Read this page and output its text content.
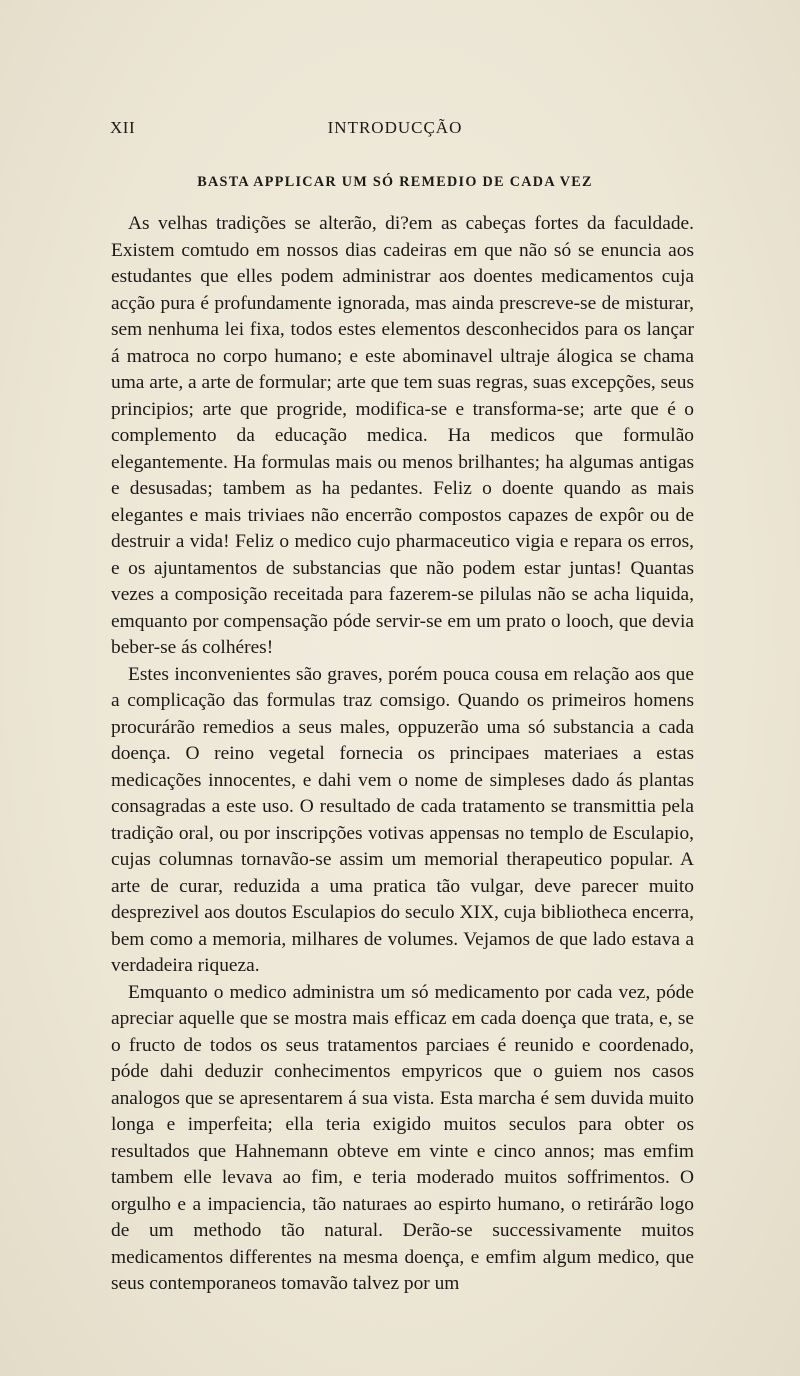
XII	INTRODUCÇÃO
BASTA APPLICAR UM SÓ REMEDIO DE CADA VEZ

As velhas tradições se alterão, di?em as cabeças fortes da faculdade. Existem comtudo em nossos dias cadeiras em que não só se enuncia aos estudantes que elles podem administrar aos doentes medicamentos cuja acção pura é profundamente ignorada, mas ainda prescreve-se de misturar, sem nenhuma lei fixa, todos estes elementos desconhecidos para os lançar á matroca no corpo humano; e este abominavel ultraje álogica se chama uma arte, a arte de formular; arte que tem suas regras, suas excepções, seus principios; arte que progride, modifica-se e transforma-se; arte que é o complemento da educação medica. Ha medicos que formulão elegantemente. Ha formulas mais ou menos brilhantes; ha algumas antigas e desusadas; tambem as ha pedantes. Feliz o doente quando as mais elegantes e mais triviaes não encerrão compostos capazes de expôr ou de destruir a vida! Feliz o medico cujo pharmaceutico vigia e repara os erros, e os ajuntamentos de substancias que não podem estar juntas! Quantas vezes a composição receitada para fazerem-se pilulas não se acha liquida, emquanto por compensação póde servir-se em um prato o looch, que devia beber-se ás colhéres!

Estes inconvenientes são graves, porém pouca cousa em relação aos que a complicação das formulas traz comsigo. Quando os primeiros homens procurárão remedios a seus males, oppuzerão uma só substancia a cada doença. O reino vegetal fornecia os principaes materiaes a estas medicações innocentes, e dahi vem o nome de simpleses dado ás plantas consagradas a este uso. O resultado de cada tratamento se transmittia pela tradição oral, ou por inscripções votivas appensas no templo de Esculapio, cujas columnas tornavão-se assim um memorial therapeutico popular. A arte de curar, reduzida a uma pratica tão vulgar, deve parecer muito desprezivel aos doutos Esculapios do seculo XIX, cuja bibliotheca encerra, bem como a memoria, milhares de volumes. Vejamos de que lado estava a verdadeira riqueza.

Emquanto o medico administra um só medicamento por cada vez, póde apreciar aquelle que se mostra mais efficaz em cada doença que trata, e, se o fructo de todos os seus tratamentos parciaes é reunido e coordenado, póde dahi deduzir conhecimentos empyricos que o guiem nos casos analogos que se apresentarem á sua vista. Esta marcha é sem duvida muito longa e imperfeita; ella teria exigido muitos seculos para obter os resultados que Hahnemann obteve em vinte e cinco annos; mas emfim tambem elle levava ao fim, e teria moderado muitos soffrimentos. O orgulho e a impaciencia, tão naturaes ao espirto humano, o retirárão logo de um methodo tão natural. Derão-se successivamente muitos medicamentos differentes na mesma doença, e emfim algum medico, que seus contemporaneos tomavão talvez por um
